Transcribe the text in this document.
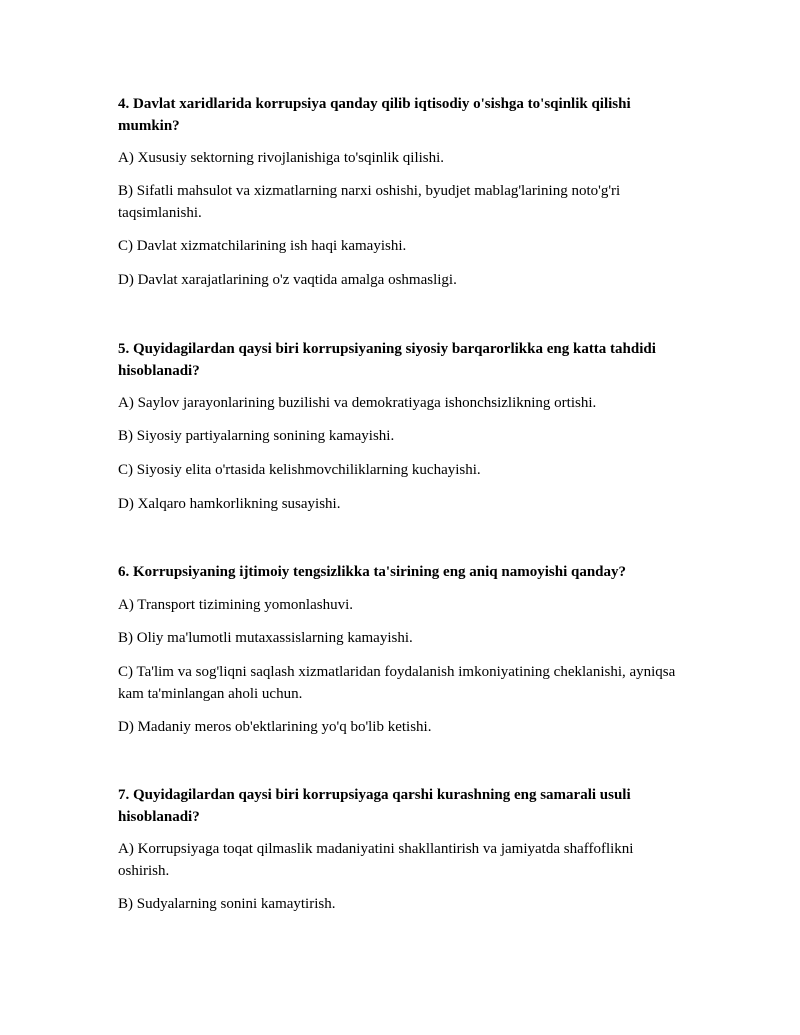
4. Davlat xaridlarida korrupsiya qanday qilib iqtisodiy o'sishga to'sqinlik qilishi mumkin?

A) Xususiy sektorning rivojlanishiga to'sqinlik qilishi.

B) Sifatli mahsulot va xizmatlarning narxi oshishi, byudjet mablag'larining noto'g'ri taqsimlanishi.

C) Davlat xizmatchilarining ish haqi kamayishi.

D) Davlat xarajatlarining o'z vaqtida amalga oshmasligi.

5. Quyidagilardan qaysi biri korrupsiyaning siyosiy barqarorlikka eng katta tahdidi hisoblanadi?

A) Saylov jarayonlarining buzilishi va demokratiyaga ishonchsizlikning ortishi.

B) Siyosiy partiyalarning sonining kamayishi.

C) Siyosiy elita o'rtasida kelishmovchiliklarning kuchayishi.

D) Xalqaro hamkorlikning susayishi.

6. Korrupsiyaning ijtimoiy tengsizlikka ta'sirining eng aniq namoyishi qanday?

A) Transport tizimining yomonlashuvi.

B) Oliy ma'lumotli mutaxassislarning kamayishi.

C) Ta'lim va sog'liqni saqlash xizmatlaridan foydalanish imkoniyatining cheklanishi, ayniqsa kam ta'minlangan aholi uchun.

D) Madaniy meros ob'ektlarining yo'q bo'lib ketishi.

7. Quyidagilardan qaysi biri korrupsiyaga qarshi kurashning eng samarali usuli hisoblanadi?

A) Korrupsiyaga toqat qilmaslik madaniyatini shakllantirish va jamiyatda shaffoflikni oshirish.

B) Sudyalarning sonini kamaytirish.
